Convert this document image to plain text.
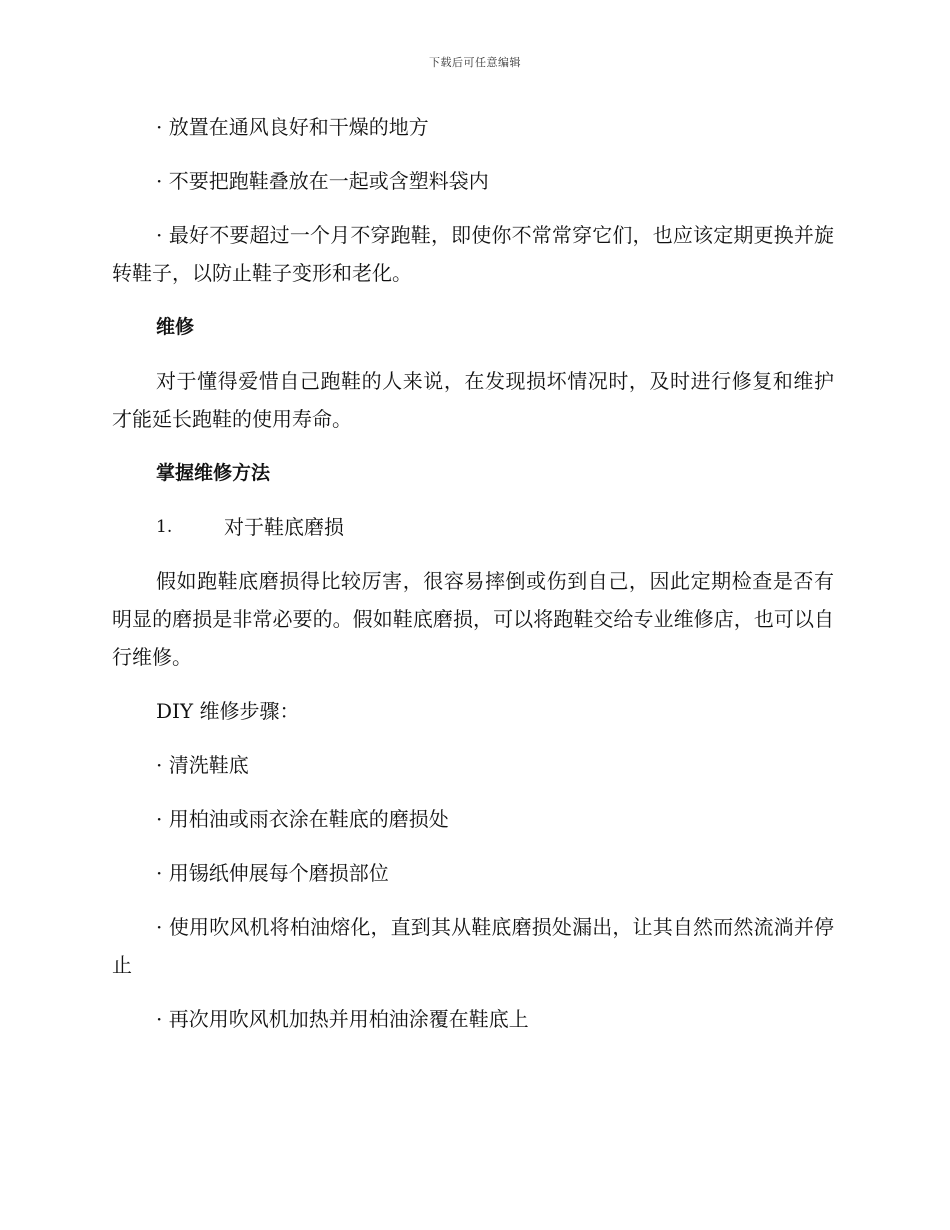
下载后可任意编辑

· 放置在通风良好和干燥的地方

· 不要把跑鞋叠放在一起或含塑料袋内

· 最好不要超过一个月不穿跑鞋，即使你不常常穿它们，也应该定期更换并旋转鞋子，以防止鞋子变形和老化。

维修

对于懂得爱惜自己跑鞋的人来说，在发现损坏情况时，及时进行修复和维护才能延长跑鞋的使用寿命。

掌握维修方法

1.	对于鞋底磨损

假如跑鞋底磨损得比较厉害，很容易摔倒或伤到自己，因此定期检查是否有明显的磨损是非常必要的。假如鞋底磨损，可以将跑鞋交给专业维修店，也可以自行维修。

DIY 维修步骤：

· 清洗鞋底

· 用柏油或雨衣涂在鞋底的磨损处

· 用锡纸伸展每个磨损部位

· 使用吹风机将柏油熔化，直到其从鞋底磨损处漏出，让其自然而然流淌并停止

· 再次用吹风机加热并用柏油涂覆在鞋底上
